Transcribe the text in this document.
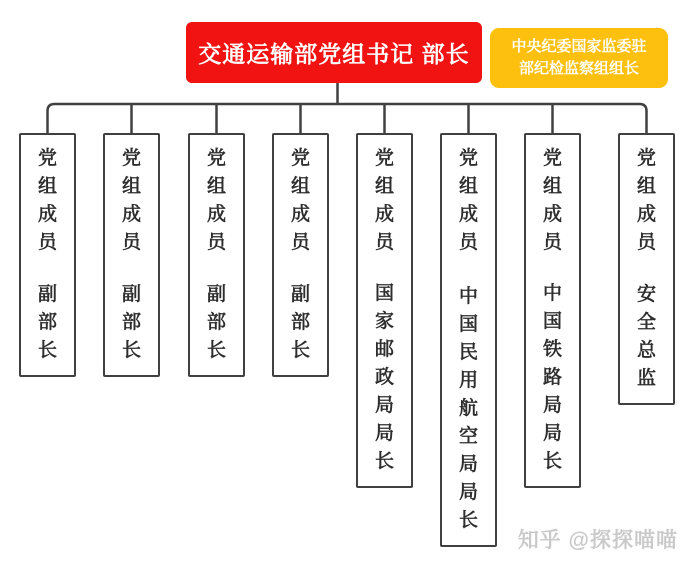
交通运输部党组书记 部长	中央纪委国家监委驻
部纪检监察组组长
党组成员
副部长
党组成员
副部长
党组成员
副部长
党组成员
副部长
党组成员
国家邮政局局长
党组成员
中国民用航空局局长
党组成员
中国铁路局局长
党组成员
安全总监
知乎 @探探喵喵
